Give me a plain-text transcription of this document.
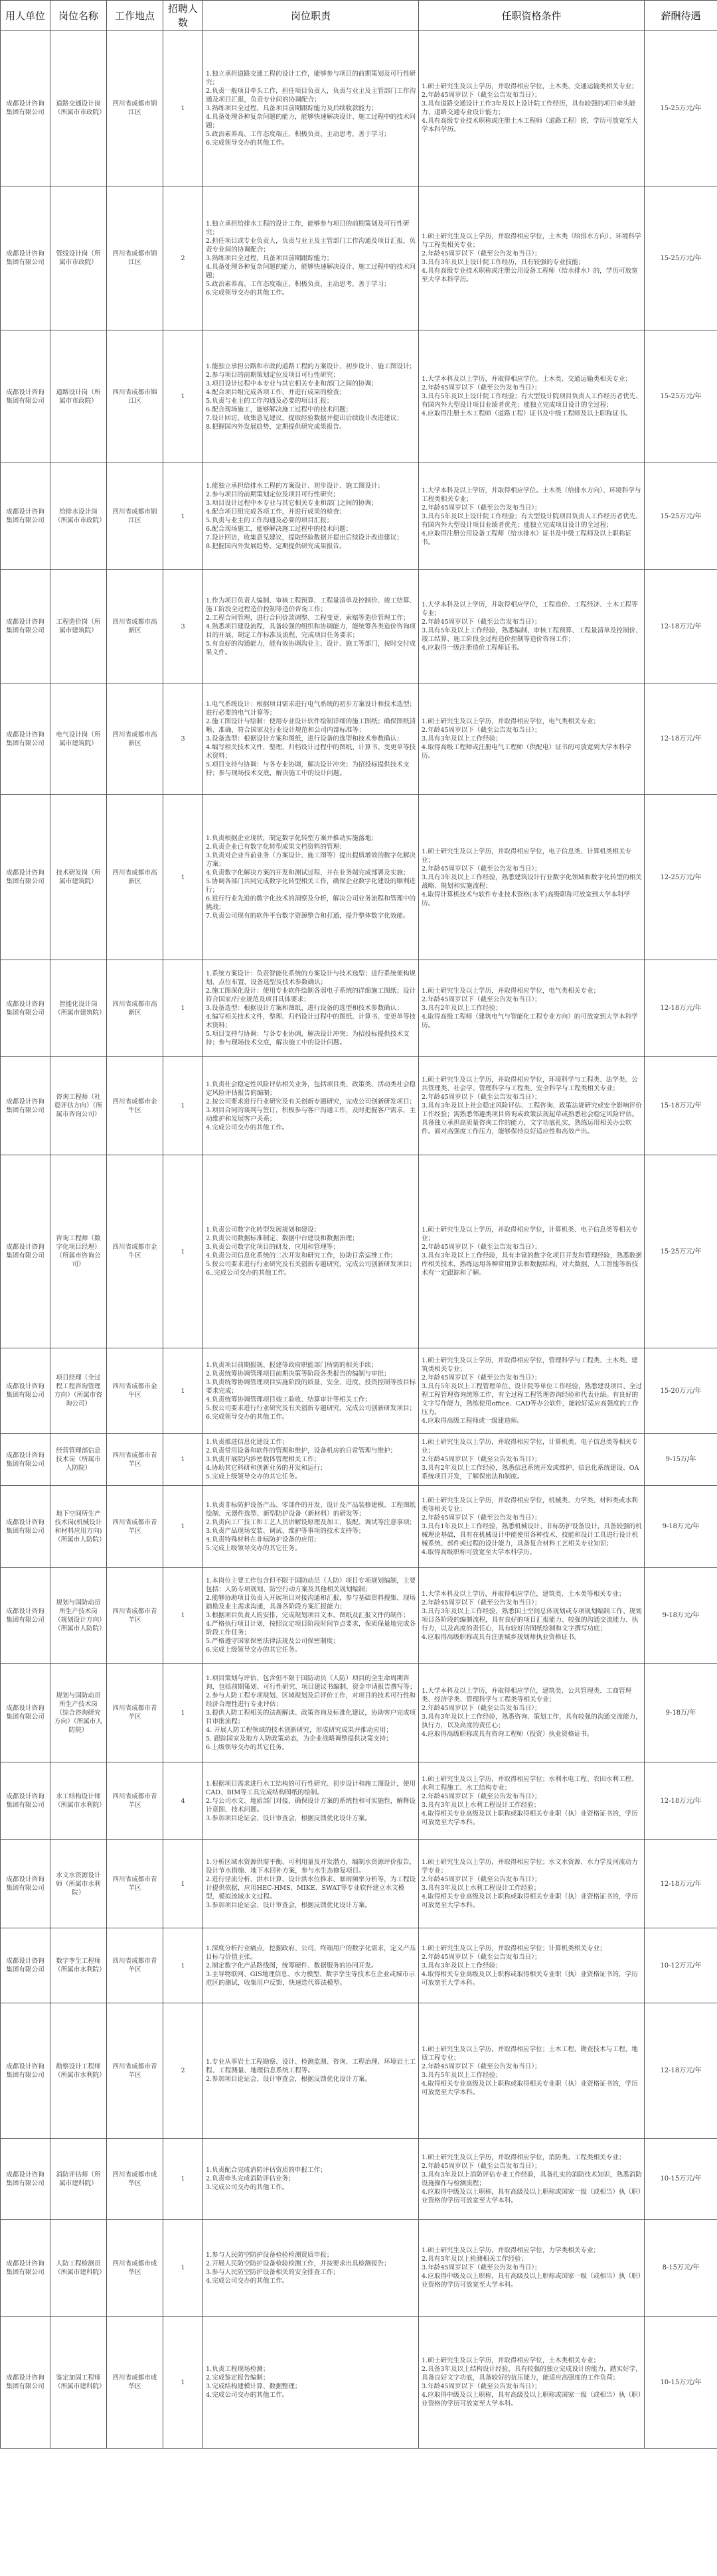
用人单位	岗位名称	工作地点	招聘人数	岗位职责	任职资格条件	薪酬待遇
成都设计咨询集团有限公司	道路交通设计岗（所属市市政院）	四川省成都市锦江区	1	
1.独立承担道路交通工程的设计工作，能够参与项目的前期策划及可行性研究；
2.负责一般项目牵头工作，担任项目负责人，负责与业主及主管部门工作沟通及项目汇报，负责专业间的协调配合；
3.熟练项目全过程，具备项目前期跟踪能力及后续收款能力；
4.具备处理各种复杂问题的能力，能够快速解决设计、施工过程中的技术问题；
5.政治素养高、工作态度端正、积极负责、主动思考，善于学习；
6.完成领导交办的其他工作。

1.硕士研究生及以上学历，并取得相应学位，土木类、交通运输类相关专业；
2.年龄45周岁以下（截至公告发布当日）；
3.具有道路交通设计工作3年及以上设计院工作经历，具有较强的项目牵头能力、道路交通专业设计能力；
4.具有高级专业技术职称或注册土木工程师（道路工程）的，学历可放宽至大学本科学历。
	15-25万元/年
成都设计咨询集团有限公司	管线设计岗（所属市市政院）	四川省成都市锦江区	2	
1.独立承担给排水工程的设计工作，能够参与项目的前期策划及可行性研究；
2.担任项目或专业负责人，负责与业主及主管部门工作沟通及项目汇报，负责专业间的协调配合；
3.熟练项目全过程，具备项目前期跟踪能力；
4.具备处理各种复杂问题的能力，能够快速解决设计、施工过程中的技术问题；
5.政治素养高、工作态度端正、积极负责、主动思考，善于学习；
6.完成领导交办的其他工作。

1.硕士研究生及以上学历，并取得相应学位，土木类（给排水方向）、环境科学与工程类相关专业；
2.年龄45周岁以下（截至公告发布当日）；
3.具有3年及以上设计院工作经历，具有较强的专业技能；
4.具有高级专业技术职称或注册公用设备工程师（给水排水）的，学历可放宽至大学本科学历。
	15-25万元/年
成都设计咨询集团有限公司	道路设计岗（所属市市政院）	四川省成都市锦江区	1	
1.能独立承担公路和市政的道路工程的方案设计、初步设计、施工图设计；
2.参与项目的前期策划定位及项目可行性研究；
3.项目设计过程中本专业与其它相关专业和部门之间的协调；
4.配合项目组完成各项工作，并进行成果的检查；
5.负责与业主的工作沟通及必要的项目汇报；
6.配合现场施工，能够解决施工过程中的技术问题；
7.设计回访，收集意见建议，提取经验数据并提出后续设计改进建议；
8.把握国内外发展趋势，定期提供研究成果报告。

1.大学本科及以上学历，并取得相应学位。土木类、交通运输类相关专业；
2.年龄45周岁以下（截至公告发布当日）；
3.具有5年及以上设计院工作经验；有大型设计院项目负责人工作经历者优先、有国内外大型设计项目业绩者优先；能独立完成项目设计的全过程；
4.应取得注册土木工程师（道路工程）证书及中级工程师及以上职称证书。
	15-25万元/年
成都设计咨询集团有限公司	给排水设计岗（所属市市政院）	四川省成都市锦江区	1	
1.能独立承担给排水工程的方案设计、初步设计、施工图设计；
2.参与项目的前期策划定位及项目可行性研究；
3.项目设计过程中本专业与其它相关专业和部门之间的协调；
4.配合项目组完成各项工作，并进行成果的检查；
5.负责与业主的工作沟通及必要的项目汇报；
6.配合现场施工，能够解决施工过程中的技术问题；
7.设计回访，收集意见建议，提取经验数据并提出后续设计改进建议；
8.把握国内外发展趋势，定期提供研究成果报告。

1.大学本科及以上学历，并取得相应学位。土木类（给排水方向）、环境科学与工程类相关专业；
2.年龄45周岁以下（截至公告发布当日）；
3.具有5年及以上设计院工作经验；有大型设计院项目负责人工作经历者优先、有国内外大型设计项目业绩者优先；能独立完成项目设计的全过程；
4.应取得注册公用设备工程师（给水排水）证书及中级工程师及以上职称证书。
	15-25万元/年
成都设计咨询集团有限公司	工程造价岗（所属市建筑院）	四川省成都市高新区	3	
1.作为项目负责人编制、审核工程预算、工程量清单及控制价、竣工结算、施工阶段全过程造价控制等造价咨询工作；
2.工程合同管理，进行合同价款调整、工程变更、索赔等造价管理工作；
4.熟悉项目建设流程，具备较强的组织和协调能力，能统筹各类造价咨询项目的开展，制定工作标准及流程、完成项目任务要求；
5.有良好的沟通能力，能有效协调沟业主、设计、施工等部门，按时交付成果文件。

1.大学本科及以上学历，并取得相应学位，工程造价、工程经济、土木工程等专业；
2.年龄45周岁以下（截至公告发布当日）；
3.具有5年及以上工作经验，熟悉编制、审核工程预算、工程量清单及控制价、竣工结算、施工阶段全过程造价控制等造价咨询工作；
4.应取得一级注册造价工程师证书。
	12-18万元/年
成都设计咨询集团有限公司	电气设计岗（所属市建筑院）	四川省成都市高新区	3	
1.电气系统设计：根据项目需求进行电气系统的初步方案设计和技术选型；进行必要的电气计算等；
2.施工图设计与绘制：使用专业设计软件绘制详细的施工图纸；确保图纸清晰、准确、符合国家及行业设计规范和公司内部标准等；
3.设备选型：根据设计方案和图纸，进行设备的选型和技术参数确认；
4.编写相关技术文件，整理、归档设计过程中的图纸、计算书、变更单等技术资料；
5.项目支持与协调：与各专业协调，解决设计冲突；为招投标提供技术支持；参与现场技术交底，解决施工中的设计问题。

1.硕士研究生及以上学历，并取得相应学位，电气类相关专业；
2.年龄45周岁以下（截至公告发布当日）；
3.具有3年及以上工作经验；
4.取得高级工程师或注册电气工程师（供配电）证书的可放宽到大学本科学历。
	12-18万元/年
成都设计咨询集团有限公司	技术研发岗（所属市建筑院）	四川省成都市高新区	1	
1.负责根据企业现状，制定数字化转型方案并推动实施落地；
2.负责企业已有数字化转型成果文档资料的管理；
3.负责对企业当前业务（方案设计、施工图等）提出提质增效的数字化解决方案；
4.负责数字化解决方案的开发和测试过程，并在业务端完成部署及实施；
5.协调各部门共同完成数字化转型相关工作，确保企业数字化建设的顺利进行；
6.进行行业先进的数字化技术的洞察及分析，解决公司业务流程和管理中的挑战；
7.负责公司现有的软件平台数字资源整合和打通，提升整体数字化效能。

1.硕士研究生及以上学历，并取得相应学位，电子信息类、计算机类相关专业；
2.年龄45周岁以下（截至公告发布当日）；
3.具有3年及以上工作经验，熟悉建筑设计行业数字化领域和数字化转型的相关战略、规划和实施流程；
4.取得计算机技术与软件专业技术资格(水平)高级职称可放宽到大学本科学历。
	12-25万元/年
成都设计咨询集团有限公司	智能化设计岗（所属市建筑院）	四川省成都市高新区	1	
1.系统方案设计：负责智能化系统的方案设计与技术选型；进行系统架构规划、点位布置、设备选型及技术参数确认；
2.施工图深化设计：使用专业软件绘制各弱电子系统的详细施工图纸；设计符合国家/行业规范及项目具体要求；
3.设备选型：根据设计方案和图纸，进行设备的选型和技术参数确认；
4.编写相关技术文件，整理、归档设计过程中的图纸、计算书、变更单等技术资料；
5.项目支持与协调：与各专业协调，解决设计冲突；为招投标提供技术支持；参与现场技术交底，解决施工中的设计问题。

1.硕士研究生及以上学历，并取得相应学位，电气类相关专业；
2.年龄45周岁以下（截至公告发布当日）；
3.具有2年及以上工作经验；
4.取得高级工程师（建筑电气与智能化工程专业方向）的可放宽到大学本科学历。
	12-18万元/年
成都设计咨询集团有限公司	咨询工程师（社稳评估方向）（所属市咨询公司）	四川省成都市金牛区	1	
1.负责社会稳定性风险评估相关业务，包括项目类、政策类、活动类社会稳定风险评估报告的编制；
2.按公司要求进行行业研究及有关创新专题研究，完成公司创新研发项目；
3.项目合同的谈判与签订，积极参与客户沟通工作，及时把握客户需求，主动维护和发展客户关系；
4.完成公司交办的其他工作。

1.硕士研究生及以上学历，并取得相应学位，环境科学与工程类、法学类、公共管理类、社会学、管理科学与工程类、安全科学与工程类相关专业；
2.年龄45周岁以下（截至公告发布当日）；
3.具有3年及以上社会稳定风险评估、工程咨询、政策法规研究或安全影响评价工作经验；需熟悉邻避类项目咨询或政策法规起草或熟悉社会稳定风险评估。具备独立承担高质量咨询工作的能力，文字功底扎实，熟练运用相关办公软件。面对高强度工作压力，能够保持良好适应性和高效产出。
	15-18万元/年
成都设计咨询集团有限公司	咨询工程师（数字化项目经理）（所属市咨询公司）	四川省成都市金牛区	1	
1.负责公司数字化转型发展规划和建设；
2.负责公司数据标准制定、数据中台建设和数据治理；
3.负责公司数字化项目的研发、应用和管理等；
4.负责公司信息化系统的二次开发和研究工作，协助日常运维工作；
5.按公司要求进行行业研究及有关创新专题研究，完成公司创新研发项目；
6..完成公司交办的其他工作。

1.硕士研究生及以上学历，并取得相应学位，计算机类、电子信息类等相关专业；
2.年龄45周岁以下（截至公告发布当日）；
3.具有3年及以上工作经验，具有丰富的数字化项目开发和管理经验，熟悉数据库相关技术，熟练运用各种常用算法和数据结构，对大数据、人工智能等新技术有一定跟踪和了解。
	15-25万元/年
成都设计咨询集团有限公司	项目经理（全过程工程咨询管理方向）（所属市咨询公司）	四川省成都市金牛区	1	
1.负责项目前期报规、报建等政府职能部门所需的相关手续；
2.负责统筹协调管理项目前期决策等阶段各类报告的编制与审批；
3.负责统筹协调管理项目实施阶段的质量、安全、进度、投资控制等按目标要求完成；
4.负责统筹协调管理项目竣工验收、结算审计等相关工作；
5.按公司要求进行行业研究及有关创新专题研究，完成公司创新研发项目；
6.完成领导交办的其他工作。

1.硕士研究生及以上学历，并取得相应学位，管理科学与工程类、土木类、建筑类相关专业；
2.年龄45周岁以下（截至公告发布当日）；
3.具有5年及以上工程管理单位、设计院等单位工作经验，熟悉建设项目、全过程工程管理咨询统筹工作，有全过程工程管理咨询经验和代表业绩。有良好的文字写作能力，熟练使用office、CAD等办公软件，能较好适应高强度的工作压力。
4.应取得高级工程师或一级建造师。
	15-20万元/年
成都设计咨询集团有限公司	经营管理部信息技术岗（所属市人防院）	四川省成都市青羊区	1	
1.负责推进信息化建设工作；
2.负责常用设备和软件的管理和维护，设备机房的日常管理与维护；
3.负责开展院内涉密载体管理相关工作；
4.协助其它科研和创新业务的开发和运行；
5.完成上级领导交办的其它任务。

1.硕士研究生及以上学历，并取得相应学位，计算机类、电子信息类等相关专业；
2.年龄45周岁以下（截至公告发布当日）；
3.具有2年及以上工作经验，熟悉信息系统开发或维护、信息化系统建设、OA系统项目开发，了解保密法和制度。
	9-15万/年
成都设计咨询集团有限公司	地下空间所生产技术岗(机械设计和材料应用方向)（所属市人防院）	四川省成都市青羊区	1	
1.负责非标防护设备产品、零部件的开发、设计及产品装修建模、工程图纸绘制、元器件选型、新型防护设备（新材料）的研发等；
2.负责向工厂技工和工艺人员讲解设原理及加工、装配、调试等注意事项；
3.负责产品现场安装、调试、维护等事项的技术支持等；
4.负责特殊材料在非标防护设备的应用；
5.完成上级领导交办的其它任务。

1.硕士研究生及以上学历，并取得相应学位，机械类、力学类、材料类或水利类等相关专业；
2.年龄45周岁以下（截至公告发布当日）；
3.具有1年及以上工作经验，熟悉机械设计、非标防护设备设计，具备较强的机械理论基础，具有在机械设计中能使用各种技术、技能和设计工具进行设计机械系统、部件或过程的设计能力，具备复合材料工艺相关专业知识；
4.取得高级职称可放宽至大学本科学历。
	9-18万元/年
成都设计咨询集团有限公司	规划与国防动员所生产技术岗（规划设计方向）（所属市人防院）	四川省成都市青羊区	1	
1.本岗位主要工作包含但不限于国防动员（人防）项目专项规划编制，主要包括：人防专项规划、防空行动方案及其他相关规划编制；
2.能够协助项目负责人开展项目对接沟通和汇报，参与基础资料搜集、现场踏勘及业主需求沟通，具备各阶段方案汇报能力；
3.根据项目负责人的安排，完成规划项目文本、图纸及汇报文件的制作；
4.严格执行项目计划，按照议定项目阶段时间节点要求，保质保量地完成各阶段工作任务；
5.严格遵守国家保密法律法规及公司保密制度；
6.完成上级领导交办的其它任务。

1.大学本科及以上学历，并取得相应学位，建筑类、土木类等相关专业；
2.年龄45周岁以下（截至公告发布当日）；
3.具有3年及以上工作经验，熟悉国土空间总体规划或专项规划编制工作、规划项目各阶段的编制流程，具有良好的项目汇报能力、较强的沟通交流能力、执行力，以及高度的责任心，具有较好的图纸绘制和文字撰写功底；
4.应取得高级职称或具有注册城乡规划师执业资格证书。
	9-18万元/年
成都设计咨询集团有限公司	规划与国防动员所生产技术岗（综合咨询研究方向）（所属市人防院）	四川省成都市青羊区	1	
1.项目策划与评估，包含但不限于国防动员（人防）项目的全生命周期咨询，包括前期策划、可行性研究、项目建议书编制、资金申请报告撰写等；
2.参与人防工程专项规划、区域规划及后评价工作，对项目的技术可行性和经济合理性进行专业评估；
3.提供人防工程相关的法规解读、政策咨询及标准化建议，协助客户完成项目审批流程；
4. 开展人防工程领域的技术创新研究，形成研究成果并推动应用；
5. 跟踪国家及地方人防政策动态，为企业战略调整提供决策支持；
6.上级领导交办的其它任务。

1.大学本科及以上学历，并取得相应学位，建筑类、公共管理类、工商管理类、经济学类、管理科学与工程类等相关专业；
2.年龄45周岁以下（截至公告发布当日）；
3.具有3年及以上工作经验，熟悉咨询、策划工作，具有较强的沟通交流能力，执行力，以及高度的责任心；
4.应取得高级职称或具有咨询工程师（投资）执业资格证书。
	9-18万/年
成都设计咨询集团有限公司	水工结构设计师（所属市水利院）	四川省成都市青羊区	4	
1.根据项目需求进行水工结构的可行性研究、初步设计和施工图设计，使用CAD、BIM等工具完成结构图纸的绘制。
2.与公司水文、地质部门对接，确保设计方案的系统性和可实施性，解释设计意图、技术问题。
3.参加项目论证会、设计审查会，根据反馈优化设计方案。

1.硕士研究生及以上学历，并取得相应学位；水利水电工程、农田水利工程、水利工程施工、水工结构专业；
2.年龄45周岁以下（截至公告发布当日）；
3.具有3年及以上水利工程设计工作经验；
4.取得相关专业高级及以上职称或取得相关专业职（执）业资格证书的，学历可放宽至大学本科。
	12-18万元/年
成都设计咨询集团有限公司	水文水资源设计师（所属市水利院）	四川省成都市青羊区	1	
1.分析区域水资源供需平衡、可利用量及开发潜力，编制水资源评价报告，设计节水措施、地下水回补方案，参与水生态修复项目。
2.进行径流分析、洪水计算、设计洪水位推求、暴雨频率分析等，为工程设计提供依据，应用HEC-HMS、MIKE、SWAT等专业软件建立水文模型，模拟流域水文过程。
3.参加项目论证会、设计审查会，根据反馈优化设计方案。

1.硕士研究生及以上学历，并取得相应学位；水文水资源、水力学及河流动力学专业；
2.年龄45周岁以下（截至公告发布当日）；
3.具有3年及以上水利工程设计工作经验；
4.取得相关专业高级及以上职称或取得相关专业职（执）业资格证书的，学历可放宽至大学本科。
	12-18万元/年
成都设计咨询集团有限公司	数字孪生工程师（所属市水利院）	四川省成都市青羊区	1	
1.深度分析行业痛点，挖掘政府、公司、终端用户的数字化需求，定义产品目标与价值主张。
2.制定数字化产品路线图，统筹硬件、数据服务的协同开发。
3.主导物联网、GIS地理信息、水力模型、数字孪生等技术在企业或城市示范区的测试，收集用户反馈，快速迭代算法模型。

1.硕士研究生及以上学历，并取得相应学位；计算机类相关专业；
2.年龄45周岁以下（截至公告发布当日）；
3.具有3年及以上工作经验；
4.取得相关专业高级及以上职称或取得相关专业职（执）业资格证书的，学历可放宽至大学本科。
	10-12万元/年
成都设计咨询集团有限公司	勘察设计工程师（所属市水利院）	四川省成都市青羊区	2	
1.专业从事岩土工程勘察、设计、检测监测、咨询、工程治理、环境岩土工程、工程测量、地理信息系统工程等。
2.参加项目论证会、设计审查会，根据反馈优化设计方案。

1.硕士研究生及以上学历，并取得相应学位；土木工程、勘查技术与工程、地质工程专业；
2.年龄45周岁以下（截至公告发布当日）；
3.具有5年及以上工作经验；
4.取得相关专业高级及以上职称或取得相关专业职（执）业资格证书的，学历可放宽至大学本科。
	12-18万元/年
成都设计咨询集团有限公司	消防评估师（所属市建科院）	四川省成都市成华区	1	
1.负责配合完成消防评估资质的申报工作；
2.负责牵头完成消防评估业务；
3.完成公司交办的其他工作。

1.硕士研究生及以上学历，并取得相应学位，消防类、工程类相关专业；
2.年龄45周岁以下（截至公告发布当日）；
3.具有3年及以上消防评估专业工作经验，具备扎实的消防技术知识，熟悉消防设施操作与检测流程；
4.应取得中级及以上职称，具有高级及以上职称或国家一级（或相当）执（职）业资格的学历可放宽至大学本科。
	10-15万元/年
成都设计咨询集团有限公司	人防工程检测员（所属市建科院）	四川省成都市成华区	1	
1.参与人民防空防护设备检验检测资质申报；
2.开展人民防空防护设备检验检测工作，并按要求出具检测报告；
3.参与人民防空防护设备相关的安全排查工作；
4.完成公司交办的其他工作。

1.硕士研究生及以上学历，并取得相应学位，力学类相关专业；
2.具有3年及以上检测相关工作经验；
3.年龄45周岁以下（截至公告发布当日）；
4.应取得中级及以上职称，具有高级及以上职称或国家一级（或相当）执（职）业资格的学历可放宽至大学本科。
	8-15万元/年
成都设计咨询集团有限公司	鉴定加固工程师（所属市建科院）	四川省成都市成华区	1	
1.负责工程现场检测；
2.完成鉴定报告编制；
3.完成结构建模计算、数据整理；
4.完成公司交办的其他工作。

1.硕士研究生及以上学历，并取得相应学位，土木类相关专业；
2.具备3年及以上结构设计经验，具有较强的独立完成设计的能力，踏实好学，具备良好文字功底，具备较好的抗压能力，能适应高强度的工作负荷；
3.年龄45周岁以下（截至公告发布当日）；
4.应取得中级及以上职称，具有高级及以上职称或国家一级（或相当）执（职）业资格的学历可放宽至大学本科。
	10-15万元/年
